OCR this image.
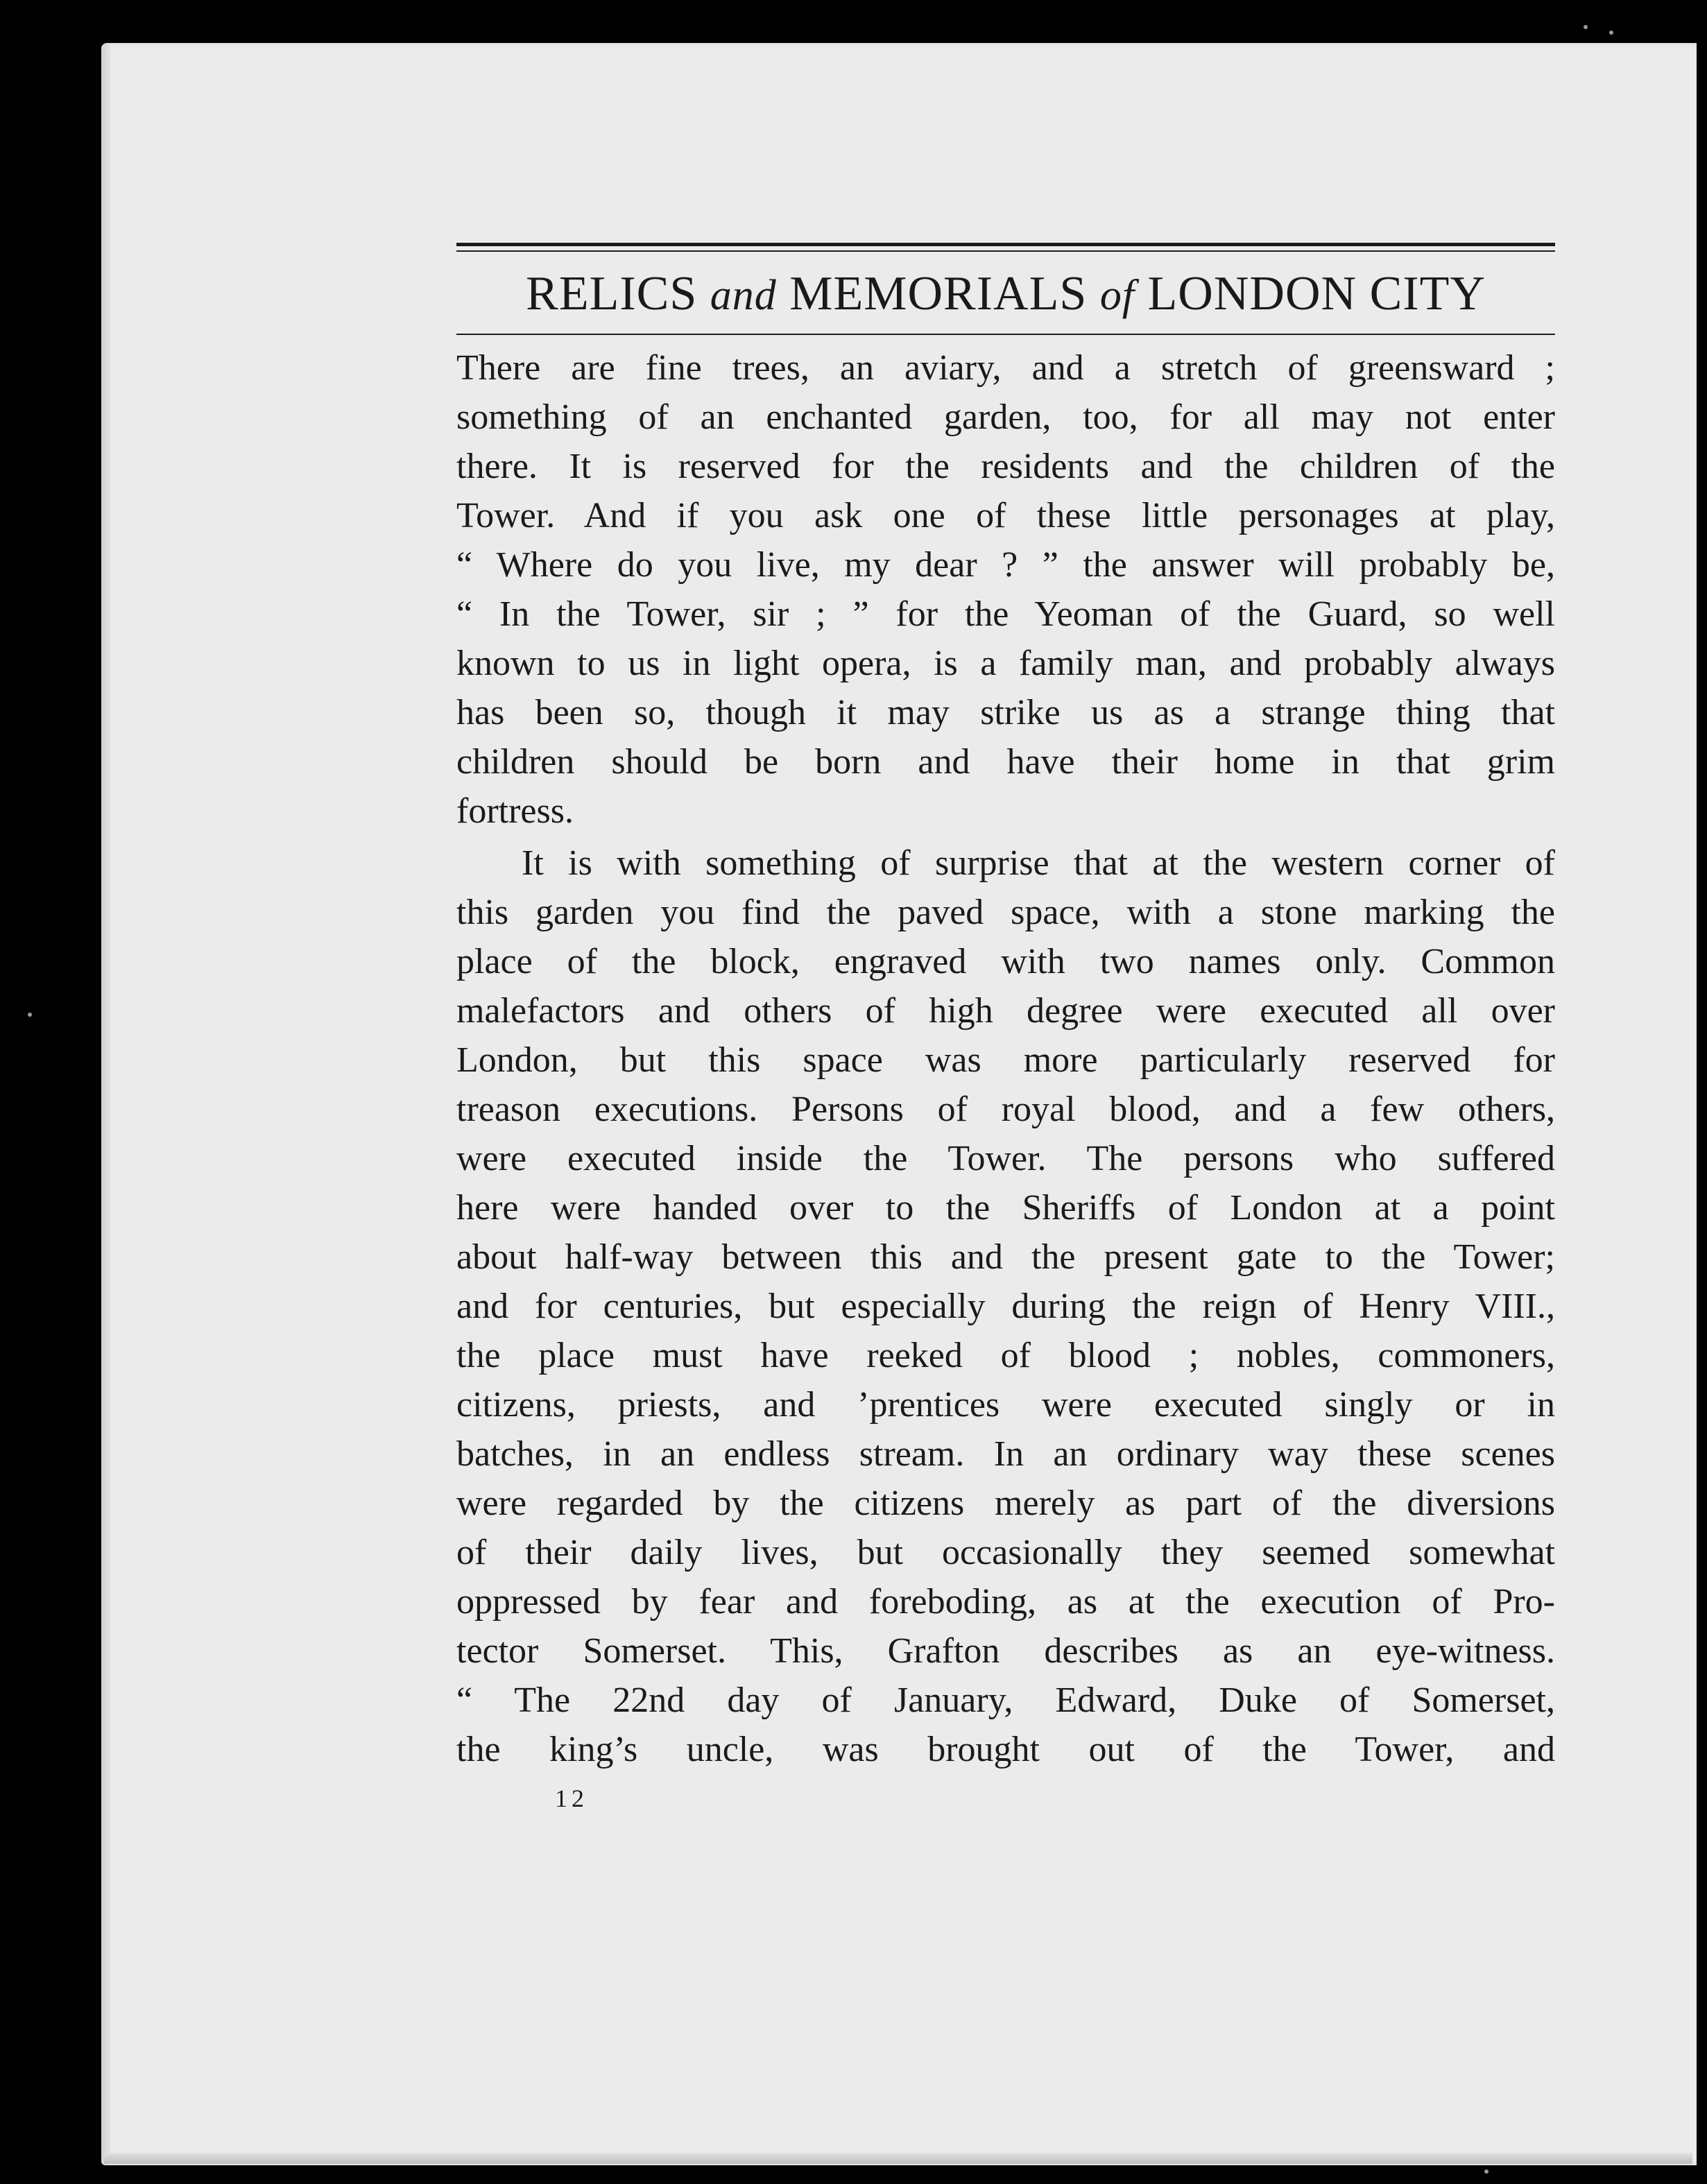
RELICS and MEMORIALS of LONDON CITY
There are fine trees, an aviary, and a stretch of greensward ;
something of an enchanted garden, too, for all may not enter
there. It is reserved for the residents and the children of the
Tower. And if you ask one of these little personages at play,
“ Where do you live, my dear ? ” the answer will probably be,
“ In the Tower, sir ; ” for the Yeoman of the Guard, so well
known to us in light opera, is a family man, and probably always
has been so, though it may strike us as a strange thing that
children should be born and have their home in that grim
fortress.
It is with something of surprise that at the western corner of
this garden you find the paved space, with a stone marking the
place of the block, engraved with two names only. Common
malefactors and others of high degree were executed all over
London, but this space was more particularly reserved for
treason executions. Persons of royal blood, and a few others,
were executed inside the Tower. The persons who suffered
here were handed over to the Sheriffs of London at a point
about half-way between this and the present gate to the Tower;
and for centuries, but especially during the reign of Henry VIII.,
the place must have reeked of blood ; nobles, commoners,
citizens, priests, and ’prentices were executed singly or in
batches, in an endless stream. In an ordinary way these scenes
were regarded by the citizens merely as part of the diversions
of their daily lives, but occasionally they seemed somewhat
oppressed by fear and foreboding, as at the execution of Pro-
tector Somerset. This, Grafton describes as an eye-witness.
“ The 22nd day of January, Edward, Duke of Somerset,
the king’s uncle, was brought out of the Tower, and
12
